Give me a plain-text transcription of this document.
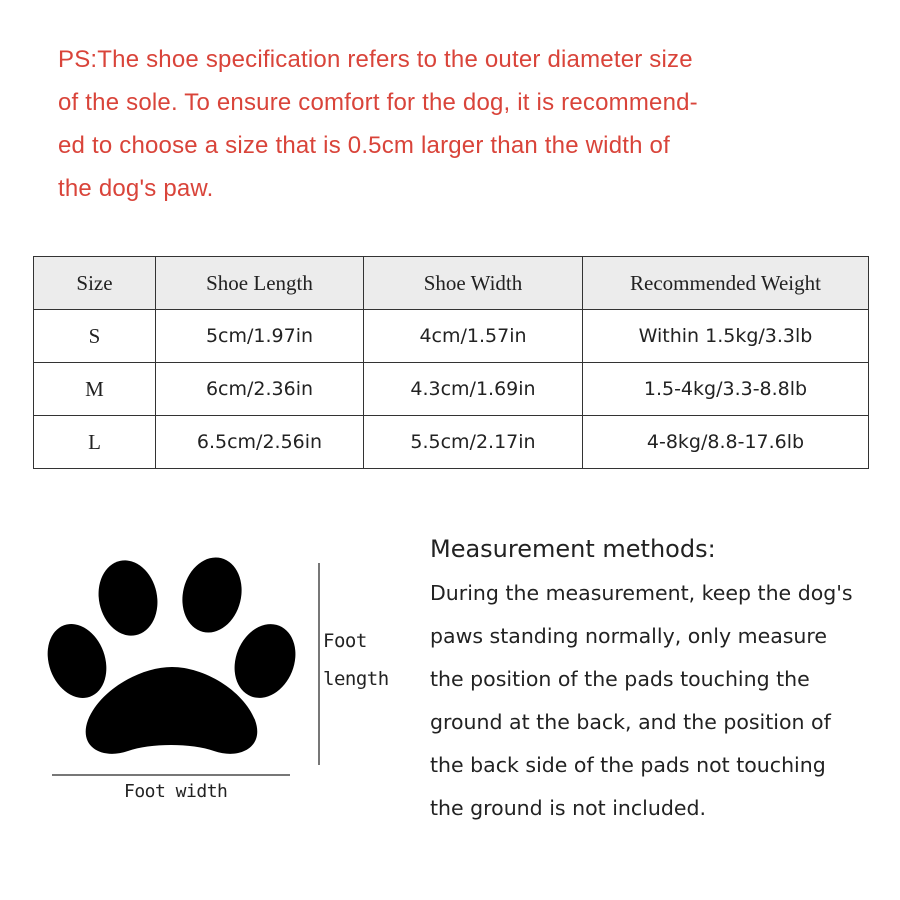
PS:The shoe specification refers to the outer diameter size
of the sole. To ensure comfort for the dog, it is recommend-
ed to choose a size that is 0.5cm larger than the width of
the dog's paw.
Size	Shoe Length	Shoe Width	Recommended Weight
S	5cm/1.97in	4cm/1.57in	Within 1.5kg/3.3lb
M	6cm/2.36in	4.3cm/1.69in	1.5-4kg/3.3-8.8lb
L	6.5cm/2.56in	5.5cm/2.17in	4-8kg/8.8-17.6lb
Foot
length
Foot width
Measurement methods:
During the measurement, keep the dog's
paws standing normally, only measure
the position of the pads touching the
ground at the back, and the position of
the back side of the pads not touching
the ground is not included.
